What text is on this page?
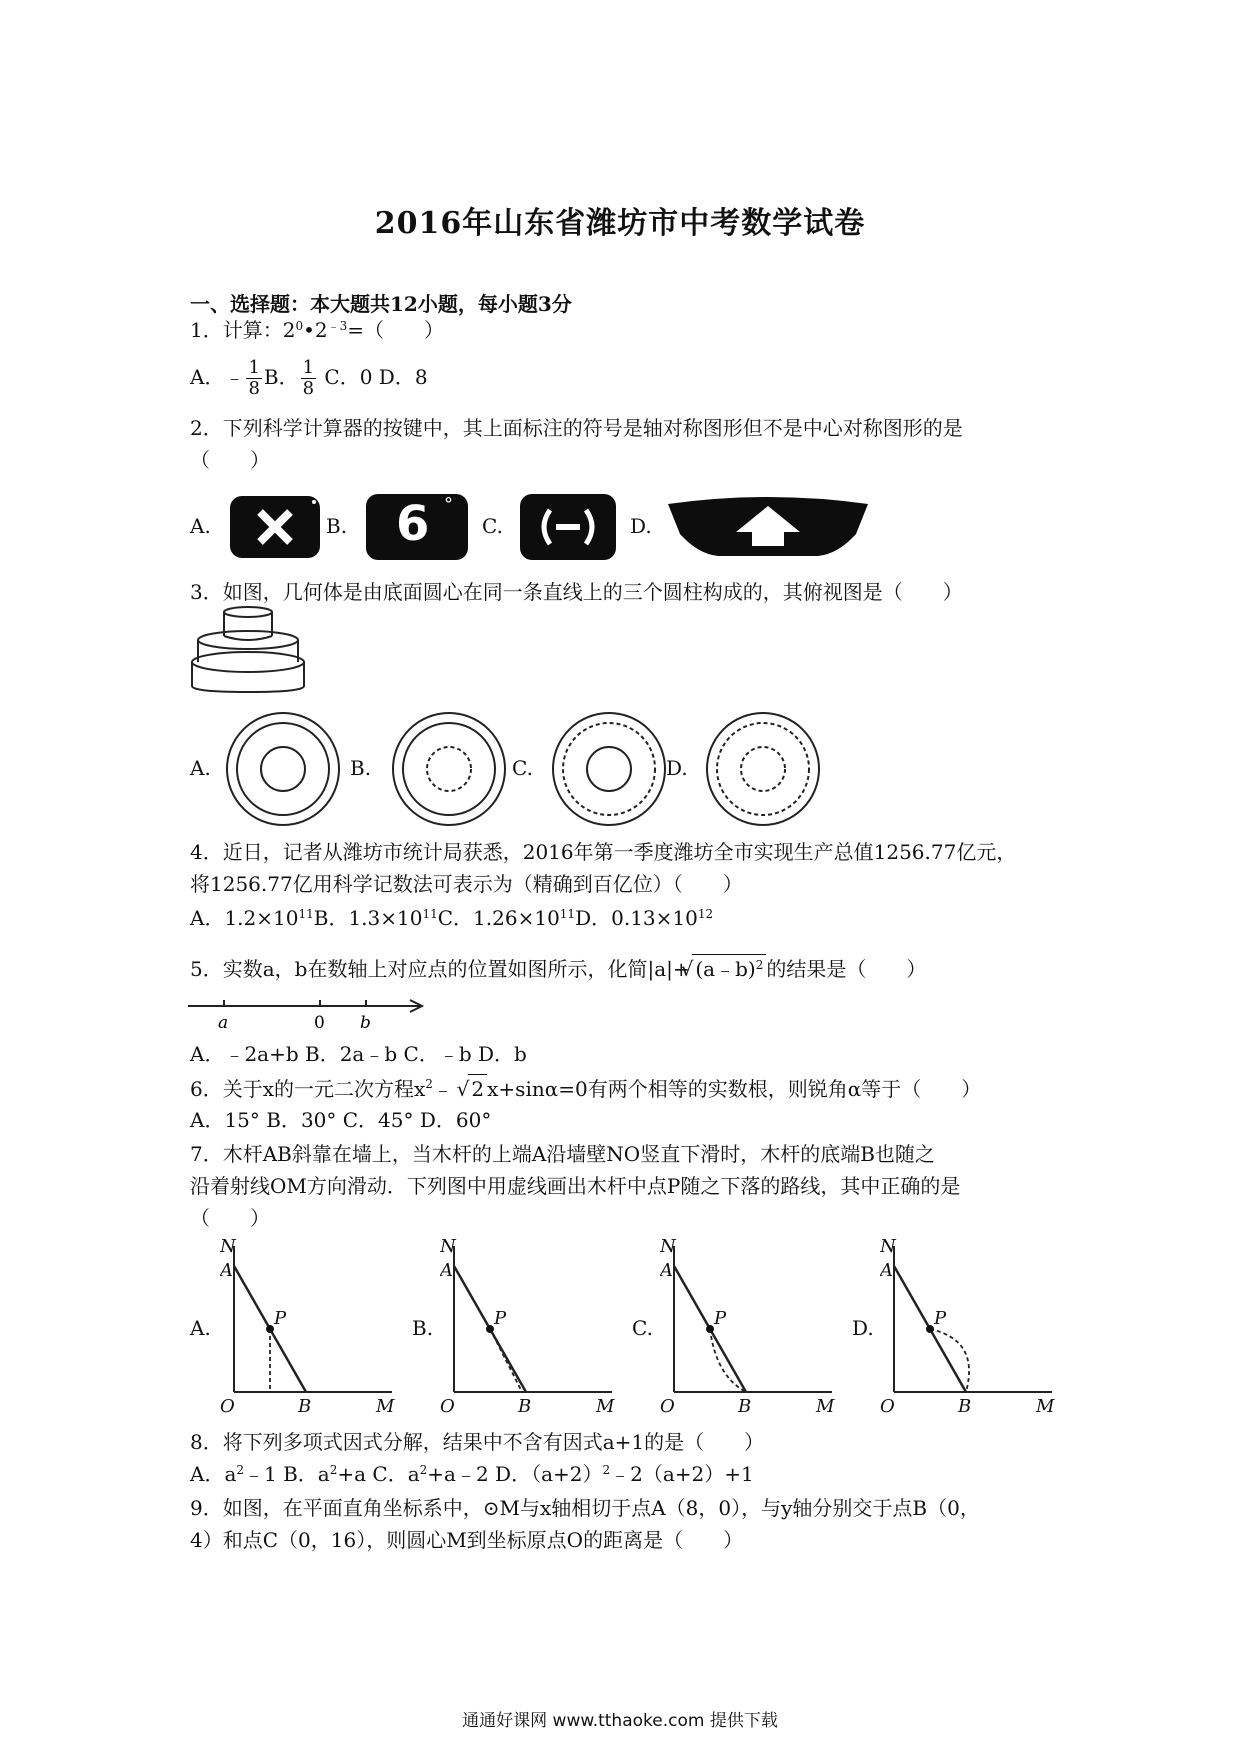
2016年山东省潍坊市中考数学试卷
一、选择题：本大题共12小题，每小题3分
1．计算：$2^0•2^{﹣3}=$（　　）
A．﹣ $\frac{1}{8}$ B． $\frac{1}{8}$ C．0 D．8
2．下列科学计算器的按键中，其上面标注的符号是轴对称图形但不是中心对称图形的是
（　　）
A.	B. 6 °
C.	D.
3．如图，几何体是由底面圆心在同一条直线上的三个圆柱构成的，其俯视图是（　　）
A.	B.	C.	D.
4．近日，记者从潍坊市统计局获悉，2016年第一季度潍坊全市实现生产总值1256.77亿元，
将1256.77亿用科学记数法可表示为（精确到百亿位）（　　）
A．$1.2\times 10^{11}B$．$1.3\times 10^{11}C$．$1.26\times 10^{11}D$．$0.13\times 10^{12}$
5．实数a，b在数轴上对应点的位置如图所示，化简|a|+ √ (a﹣b)$^2$ 的结果是（　　）
a	0 b
A．﹣2a+b B．2a﹣b C．﹣b D．b
6．关于x的一元二次方程$x^2﹣$ √ 2 x+sinα=0有两个相等的实数根，则锐角α等于（　　）
A．15° B．30° C．45° D．60°
7．木杆AB斜靠在墙上，当木杆的上端A沿墙壁NO竖直下滑时，木杆的底端B也随之
沿着射线OM方向滑动．下列图中用虚线画出木杆中点P随之下落的路线，其中正确的是
（　　）
A.	B.	C.	D.
N
A
P
O	B	M
N
A
P
O	B	M
N
A
P
O	B	M
N
A
P
O	B	M
8．将下列多项式因式分解，结果中不含有因式a+1的是（　　）
A．$a^2﹣1$ B．$a^2+a$ C．$a^2+a﹣2$ D．$(a+2)^2﹣2(a+2)+1$
9．如图，在平面直角坐标系中，⊙M与x轴相切于点A（8，0），与y轴分别交于点B（0，
4）和点C（0，16），则圆心M到坐标原点O的距离是（　　）
通通好课网 www.tthaoke.com 提供下载
